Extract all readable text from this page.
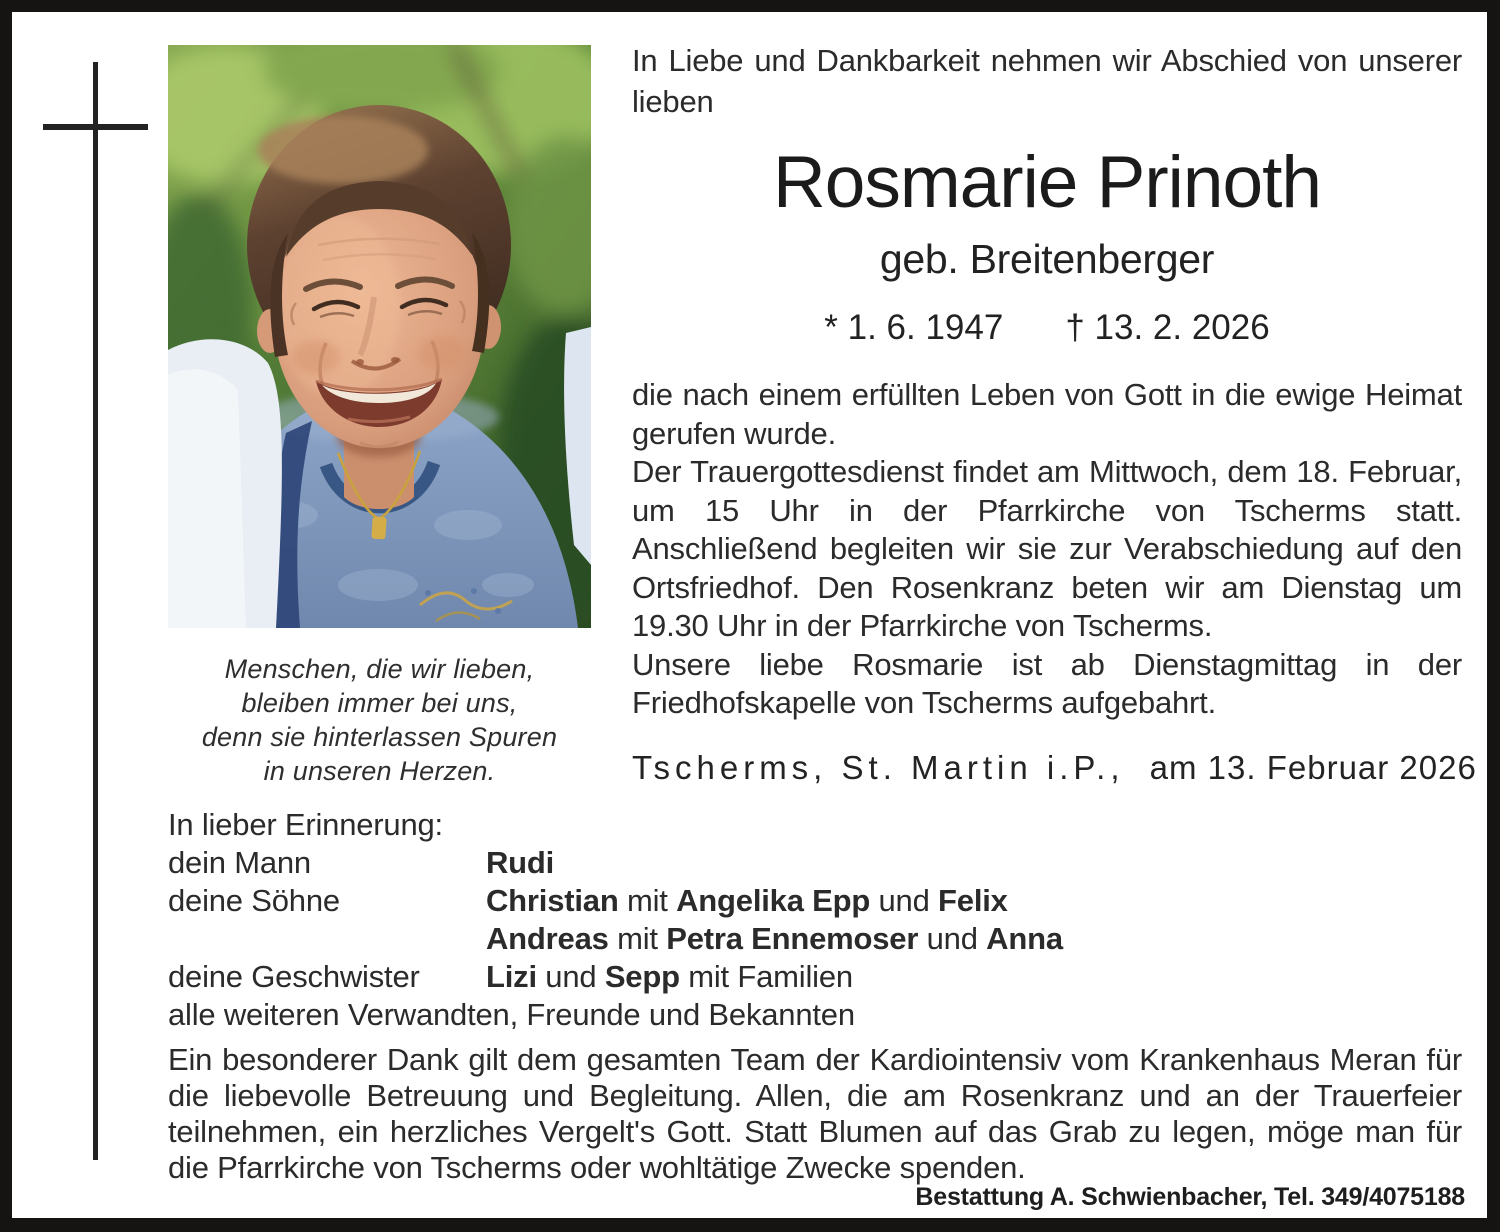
Menschen, die wir lieben,
bleiben immer bei uns,
denn sie hinterlassen Spuren
in unseren Herzen.

In Liebe und Dankbarkeit nehmen wir Abschied von unserer lieben

Rosmarie Prinoth
geb. Breitenberger
* 1. 6. 1947 † 13. 2. 2026

die nach einem erfüllten Leben von Gott in die ewige Heimat gerufen wurde.

Der Trauergottesdienst findet am Mittwoch, dem 18. Februar, um 15 Uhr in der Pfarrkirche von Tscherms statt. Anschließend begleiten wir sie zur Verabschiedung auf den Ortsfriedhof. Den Rosenkranz beten wir am Dienstag um 19.30 Uhr in der Pfarrkirche von Tscherms.

Unsere liebe Rosmarie ist ab Dienstagmittag in der Friedhofskapelle von Tscherms aufgebahrt.

Tscherms, St. Martin i.P., am 13. Februar 2026
In lieber Erinnerung:
dein Mann	Rudi
deine Söhne	Christian mit Angelika Epp und Felix
Andreas mit Petra Ennemoser und Anna
deine Geschwister	Lizi und Sepp mit Familien
alle weiteren Verwandten, Freunde und Bekannten

Ein besonderer Dank gilt dem gesamten Team der Kardiointensiv vom Krankenhaus Meran für die liebevolle Betreuung und Begleitung. Allen, die am Rosenkranz und an der Trauerfeier teilnehmen, ein herzliches Vergelt's Gott. Statt Blumen auf das Grab zu legen, möge man für die Pfarrkirche von Tscherms oder wohltätige Zwecke spenden.

Bestattung A. Schwienbacher, Tel. 349/4075188
